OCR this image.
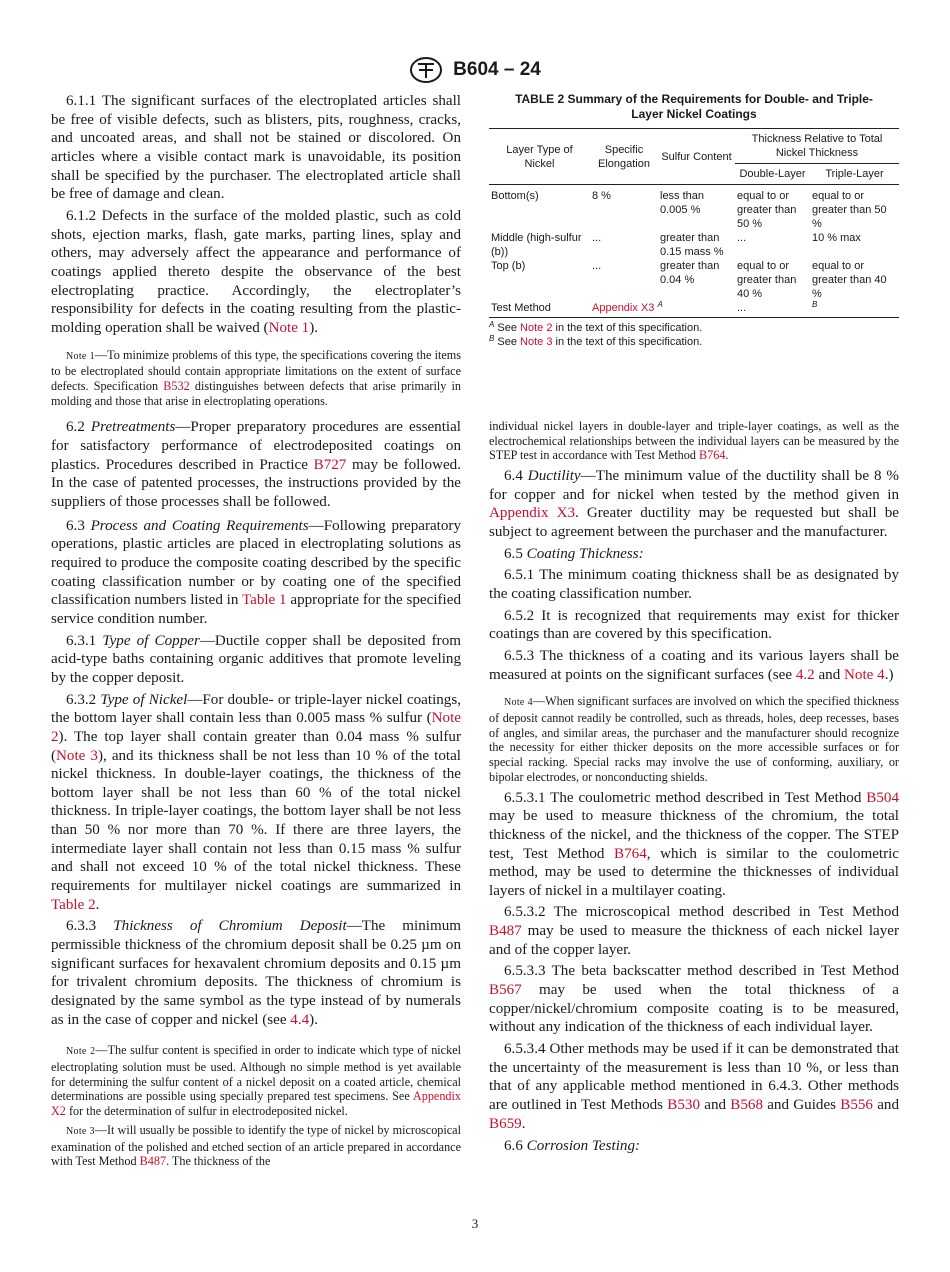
B604 – 24

6.1.1 The significant surfaces of the electroplated articles shall be free of visible defects, such as blisters, pits, roughness, cracks, and uncoated areas, and shall not be stained or discolored. On articles where a visible contact mark is unavoidable, its position shall be specified by the purchaser. The electroplated article shall be free of damage and clean.

6.1.2 Defects in the surface of the molded plastic, such as cold shots, ejection marks, flash, gate marks, parting lines, splay and others, may adversely affect the appearance and performance of coatings applied thereto despite the observance of the best electroplating practice. Accordingly, the electroplater’s responsibility for defects in the coating resulting from the plastic-molding operation shall be waived (Note 1).

Note 1—To minimize problems of this type, the specifications covering the items to be electroplated should contain appropriate limitations on the extent of surface defects. Specification B532 distinguishes between defects that arise primarily in molding and those that arise in electroplating operations.

6.2 Pretreatments—Proper preparatory procedures are essential for satisfactory performance of electrodeposited coatings on plastics. Procedures described in Practice B727 may be followed. In the case of patented processes, the instructions provided by the suppliers of those processes shall be followed.

6.3 Process and Coating Requirements—Following preparatory operations, plastic articles are placed in electroplating solutions as required to produce the composite coating described by the specific coating classification number or by coating one of the specified classification numbers listed in Table 1 appropriate for the specified service condition number.

6.3.1 Type of Copper—Ductile copper shall be deposited from acid-type baths containing organic additives that promote leveling by the copper deposit.

6.3.2 Type of Nickel—For double- or triple-layer nickel coatings, the bottom layer shall contain less than 0.005 mass % sulfur (Note 2). The top layer shall contain greater than 0.04 mass % sulfur (Note 3), and its thickness shall be not less than 10 % of the total nickel thickness. In double-layer coatings, the thickness of the bottom layer shall be not less than 60 % of the total nickel thickness. In triple-layer coatings, the bottom layer shall be not less than 50 % nor more than 70 %. If there are three layers, the intermediate layer shall contain not less than 0.15 mass % sulfur and shall not exceed 10 % of the total nickel thickness. These requirements for multilayer nickel coatings are summarized in Table 2.

6.3.3 Thickness of Chromium Deposit—The minimum permissible thickness of the chromium deposit shall be 0.25 µm on significant surfaces for hexavalent chromium deposits and 0.15 µm for trivalent chromium deposits. The thickness of chromium is designated by the same symbol as the type instead of by numerals as in the case of copper and nickel (see 4.4).

Note 2—The sulfur content is specified in order to indicate which type of nickel electroplating solution must be used. Although no simple method is yet available for determining the sulfur content of a nickel deposit on a coated article, chemical determinations are possible using specially prepared test specimens. See Appendix X2 for the determination of sulfur in electrodeposited nickel.

Note 3—It will usually be possible to identify the type of nickel by microscopical examination of the polished and etched section of an article prepared in accordance with Test Method B487. The thickness of the

TABLE 2 Summary of the Requirements for Double- and Triple-
Layer Nickel Coatings
Layer Type of Nickel	Specific Elongation	Sulfur Content	Thickness Relative to Total Nickel Thickness	
			Double-Layer	Triple-Layer
Bottom(s)	8 %	less than 0.005 %	equal to or greater than 50 %	equal to or greater than 50 %
Middle (high-sulfur (b))	...	greater than 0.15 mass %	...	10 % max
Top (b)	...	greater than 0.04 %	equal to or greater than 40 %	equal to or greater than 40 %
Test Method	Appendix X3 $^A$		...	$^B$
$^A$ See Note 2 in the text of this specification.
$^B$ See Note 3 in the text of this specification.

individual nickel layers in double-layer and triple-layer coatings, as well as the electrochemical relationships between the individual layers can be measured by the STEP test in accordance with Test Method B764.

6.4 Ductility—The minimum value of the ductility shall be 8 % for copper and for nickel when tested by the method given in Appendix X3. Greater ductility may be requested but shall be subject to agreement between the purchaser and the manufacturer.

6.5 Coating Thickness:

6.5.1 The minimum coating thickness shall be as designated by the coating classification number.

6.5.2 It is recognized that requirements may exist for thicker coatings than are covered by this specification.

6.5.3 The thickness of a coating and its various layers shall be measured at points on the significant surfaces (see 4.2 and Note 4.)

Note 4—When significant surfaces are involved on which the specified thickness of deposit cannot readily be controlled, such as threads, holes, deep recesses, bases of angles, and similar areas, the purchaser and the manufacturer should recognize the necessity for either thicker deposits on the more accessible surfaces or for special racking. Special racks may involve the use of conforming, auxiliary, or bipolar electrodes, or nonconducting shields.

6.5.3.1 The coulometric method described in Test Method B504 may be used to measure thickness of the chromium, the total thickness of the nickel, and the thickness of the copper. The STEP test, Test Method B764, which is similar to the coulometric method, may be used to determine the thicknesses of individual layers of nickel in a multilayer coating.

6.5.3.2 The microscopical method described in Test Method B487 may be used to measure the thickness of each nickel layer and of the copper layer.

6.5.3.3 The beta backscatter method described in Test Method B567 may be used when the total thickness of a copper/nickel/chromium composite coating is to be measured, without any indication of the thickness of each individual layer.

6.5.3.4 Other methods may be used if it can be demonstrated that the uncertainty of the measurement is less than 10 %, or less than that of any applicable method mentioned in 6.4.3. Other methods are outlined in Test Methods B530 and B568 and Guides B556 and B659.

6.6 Corrosion Testing:

3
